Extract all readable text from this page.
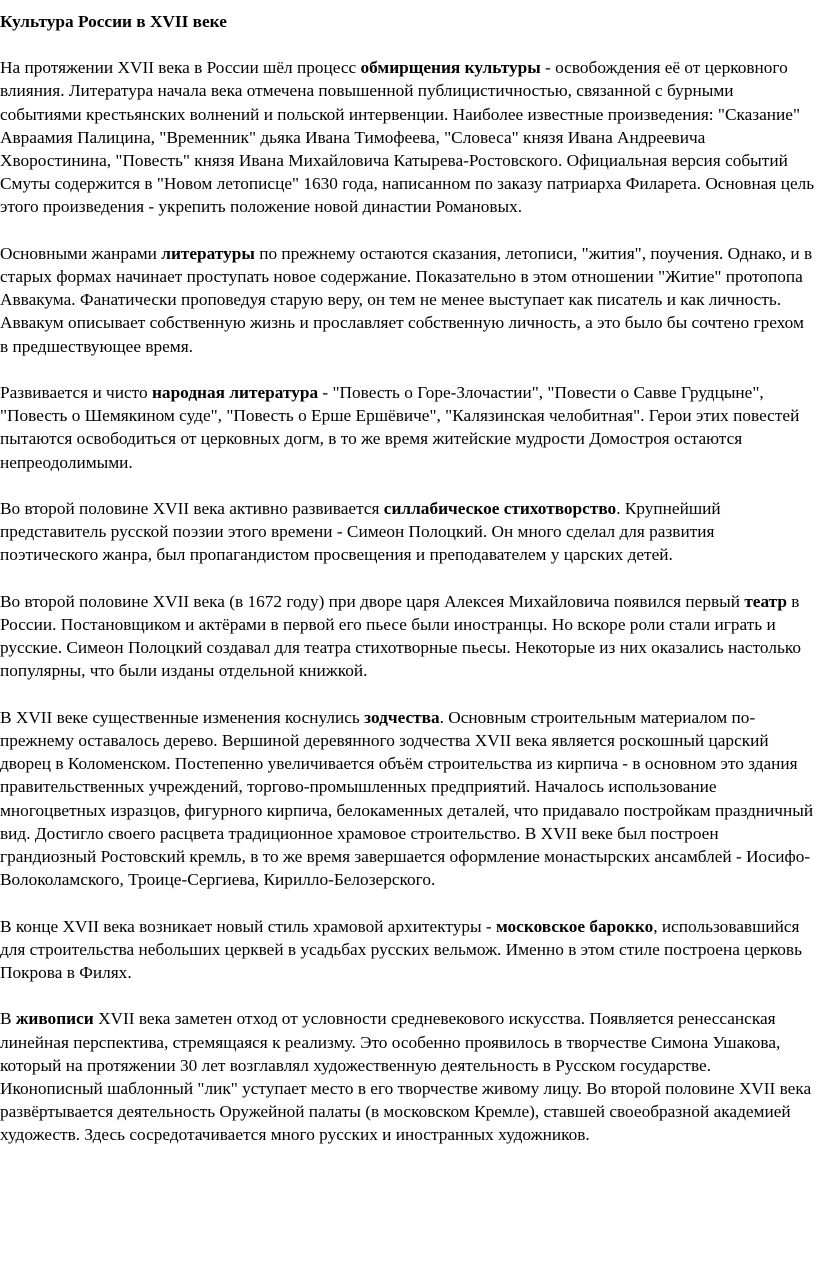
Культура России в XVII веке

На протяжении XVII века в России шёл процесс обмирщения культуры - освобождения её от церковного влияния. Литература начала века отмечена повышенной публицистичностью, связанной с бурными событиями крестьянских волнений и польской интервенции. Наиболее известные произведения: "Сказание" Авраамия Палицина, "Временник" дьяка Ивана Тимофеева, "Словеса" князя Ивана Андреевича Хворостинина, "Повесть" князя Ивана Михайловича Катырева-Ростовского. Официальная версия событий Смуты содержится в "Новом летописце" 1630 года, написанном по заказу патриарха Филарета. Основная цель этого произведения - укрепить положение новой династии Романовых.

Основными жанрами литературы по прежнему остаются сказания, летописи, "жития", поучения. Однако, и в старых формах начинает проступать новое содержание. Показательно в этом отношении "Житие" протопопа Аввакума. Фанатически проповедуя старую веру, он тем не менее выступает как писатель и как личность. Аввакум описывает собственную жизнь и прославляет собственную личность, а это было бы сочтено грехом в предшествующее время.

Развивается и чисто народная литература - "Повесть о Горе-Злочастии", "Повести о Савве Грудцыне", "Повесть о Шемякином суде", "Повесть о Ерше Ершёвиче", "Калязинская челобитная". Герои этих повестей пытаются освободиться от церковных догм, в то же время житейские мудрости Домостроя остаются непреодолимыми.

Во второй половине XVII века активно развивается силлабическое стихотворство. Крупнейший представитель русской поэзии этого времени - Симеон Полоцкий. Он много сделал для развития поэтического жанра, был пропагандистом просвещения и преподавателем у царских детей.

Во второй половине XVII века (в 1672 году) при дворе царя Алексея Михайловича появился первый театр в России. Постановщиком и актёрами в первой его пьесе были иностранцы. Но вскоре роли стали играть и русские. Симеон Полоцкий создавал для театра стихотворные пьесы. Некоторые из них оказались настолько популярны, что были изданы отдельной книжкой.

В XVII веке существенные изменения коснулись зодчества. Основным строительным материалом по-прежнему оставалось дерево. Вершиной деревянного зодчества XVII века является роскошный царский дворец в Коломенском. Постепенно увеличивается объём строительства из кирпича - в основном это здания правительственных учреждений, торгово-промышленных предприятий. Началось использование многоцветных изразцов, фигурного кирпича, белокаменных деталей, что придавало постройкам праздничный вид. Достигло своего расцвета традиционное храмовое строительство. В XVII веке был построен грандиозный Ростовский кремль, в то же время завершается оформление монастырских ансамблей - Иосифо-Волоколамского, Троице-Сергиева, Кирилло-Белозерского.

В конце XVII века возникает новый стиль храмовой архитектуры - московское барокко, использовавшийся для строительства небольших церквей в усадьбах русских вельмож. Именно в этом стиле построена церковь Покрова в Филях.

В живописи XVII века заметен отход от условности средневекового искусства. Появляется ренессанская линейная перспектива, стремящаяся к реализму. Это особенно проявилось в творчестве Симона Ушакова, который на протяжении 30 лет возглавлял художественную деятельность в Русском государстве. Иконописный шаблонный "лик" уступает место в его творчестве живому лицу. Во второй половине XVII века развёртывается деятельность Оружейной палаты (в московском Кремле), ставшей своеобразной академией художеств. Здесь сосредотачивается много русских и иностранных художников.
